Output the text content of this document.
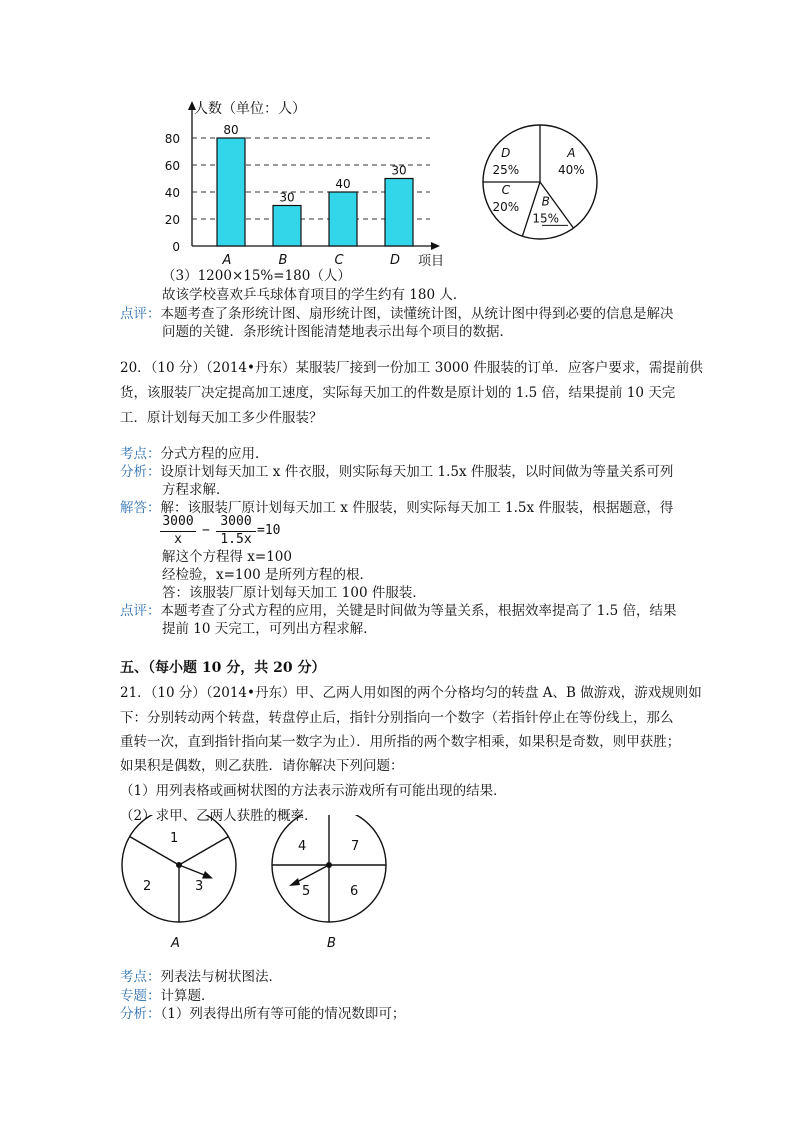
0
20
40
60
80
80
A
30
B
40
C
30
D
人数（单位：人）
项目
A
40%
B
15%
C
20%
D
25%
（3）1200×15%=180（人）
故该学校喜欢乒乓球体育项目的学生约有 180 人．
点评：本题考查了条形统计图、扇形统计图，读懂统计图，从统计图中得到必要的信息是解决
问题的关键．条形统计图能清楚地表示出每个项目的数据．
20．（10 分）（2014•丹东）某服装厂接到一份加工 3000 件服装的订单．应客户要求，需提前供
货，该服装厂决定提高加工速度，实际每天加工的件数是原计划的 1.5 倍，结果提前 10 天完
工．原计划每天加工多少件服装？
考点：分式方程的应用．
分析：设原计划每天加工 x 件衣服，则实际每天加工 1.5x 件服装，以时间做为等量关系可列
方程求解．
解答：解：该服装厂原计划每天加工 x 件服装，则实际每天加工 1.5x 件服装，根据题意，得
3000
x
−
3000
1.5x
=10
解这个方程得 x=100
经检验，x=100 是所列方程的根．
答：该服装厂原计划每天加工 100 件服装．
点评：本题考查了分式方程的应用，关键是时间做为等量关系，根据效率提高了 1.5 倍，结果
提前 10 天完工，可列出方程求解．
五、（每小题 10 分，共 20 分）
21．（10 分）（2014•丹东）甲、乙两人用如图的两个分格均匀的转盘 A、B 做游戏，游戏规则如
下：分别转动两个转盘，转盘停止后，指针分别指向一个数字（若指针停止在等份线上，那么
重转一次，直到指针指向某一数字为止）．用所指的两个数字相乘，如果积是奇数，则甲获胜；
如果积是偶数，则乙获胜．请你解决下列问题：
（1）用列表格或画树状图的方法表示游戏所有可能出现的结果．
（2）求甲、乙两人获胜的概率．
1
2	3
A
4	7
5	6
B
考点：列表法与树状图法．
专题：计算题．
分析：（1）列表得出所有等可能的情况数即可；
